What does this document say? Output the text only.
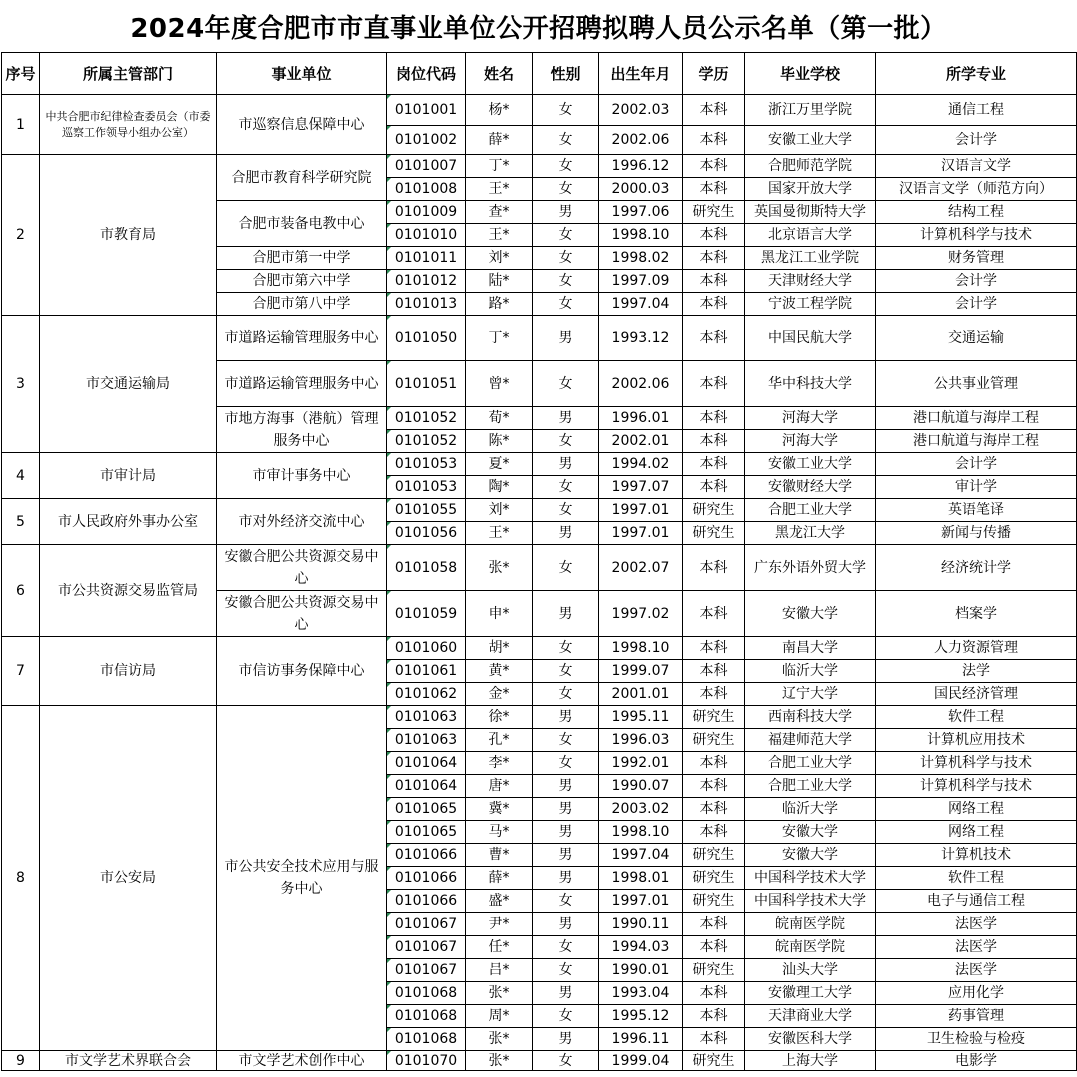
2024年度合肥市市直事业单位公开招聘拟聘人员公示名单（第一批）
序号	所属主管部门	事业单位	岗位代码	姓名	性别	出生年月	学历	毕业学校	所学专业
1	中共合肥市纪律检查委员会（市委巡察工作领导小组办公室）	市巡察信息保障中心	0101001	杨*	女	2002.03	本科	浙江万里学院	通信工程
			0101002	薛*	女	2002.06	本科	安徽工业大学	会计学
2	市教育局	合肥市教育科学研究院	0101007	丁*	女	1996.12	本科	合肥师范学院	汉语言文学
			0101008	王*	女	2000.03	本科	国家开放大学	汉语言文学（师范方向）
		合肥市装备电教中心	0101009	查*	男	1997.06	研究生	英国曼彻斯特大学	结构工程
			0101010	王*	女	1998.10	本科	北京语言大学	计算机科学与技术
		合肥市第一中学	0101011	刘*	女	1998.02	本科	黑龙江工业学院	财务管理
		合肥市第六中学	0101012	陆*	女	1997.09	本科	天津财经大学	会计学
		合肥市第八中学	0101013	路*	女	1997.04	本科	宁波工程学院	会计学
3	市交通运输局	市道路运输管理服务中心	0101050	丁*	男	1993.12	本科	中国民航大学	交通运输
		市道路运输管理服务中心	0101051	曾*	女	2002.06	本科	华中科技大学	公共事业管理
		市地方海事（港航）管理服务中心	0101052	荀*	男	1996.01	本科	河海大学	港口航道与海岸工程
			0101052	陈*	女	2002.01	本科	河海大学	港口航道与海岸工程
4	市审计局	市审计事务中心	0101053	夏*	男	1994.02	本科	安徽工业大学	会计学
			0101053	陶*	女	1997.07	本科	安徽财经大学	审计学
5	市人民政府外事办公室	市对外经济交流中心	0101055	刘*	女	1997.01	研究生	合肥工业大学	英语笔译
			0101056	王*	男	1997.01	研究生	黑龙江大学	新闻与传播
6	市公共资源交易监管局	安徽合肥公共资源交易中心	0101058	张*	女	2002.07	本科	广东外语外贸大学	经济统计学
		安徽合肥公共资源交易中心	0101059	申*	男	1997.02	本科	安徽大学	档案学
7	市信访局	市信访事务保障中心	0101060	胡*	女	1998.10	本科	南昌大学	人力资源管理
			0101061	黄*	女	1999.07	本科	临沂大学	法学
			0101062	金*	女	2001.01	本科	辽宁大学	国民经济管理
8	市公安局	市公共安全技术应用与服务中心	0101063	徐*	男	1995.11	研究生	西南科技大学	软件工程
			0101063	孔*	女	1996.03	研究生	福建师范大学	计算机应用技术
			0101064	李*	女	1992.01	本科	合肥工业大学	计算机科学与技术
			0101064	唐*	男	1990.07	本科	合肥工业大学	计算机科学与技术
			0101065	冀*	男	2003.02	本科	临沂大学	网络工程
			0101065	马*	男	1998.10	本科	安徽大学	网络工程
			0101066	曹*	男	1997.04	研究生	安徽大学	计算机技术
			0101066	薛*	男	1998.01	研究生	中国科学技术大学	软件工程
			0101066	盛*	女	1997.01	研究生	中国科学技术大学	电子与通信工程
			0101067	尹*	男	1990.11	本科	皖南医学院	法医学
			0101067	任*	女	1994.03	本科	皖南医学院	法医学
			0101067	吕*	女	1990.01	研究生	汕头大学	法医学
			0101068	张*	男	1993.04	本科	安徽理工大学	应用化学
			0101068	周*	女	1995.12	本科	天津商业大学	药事管理
			0101068	张*	男	1996.11	本科	安徽医科大学	卫生检验与检疫
9	市文学艺术界联合会	市文学艺术创作中心	0101070	张*	女	1999.04	研究生	上海大学	电影学
